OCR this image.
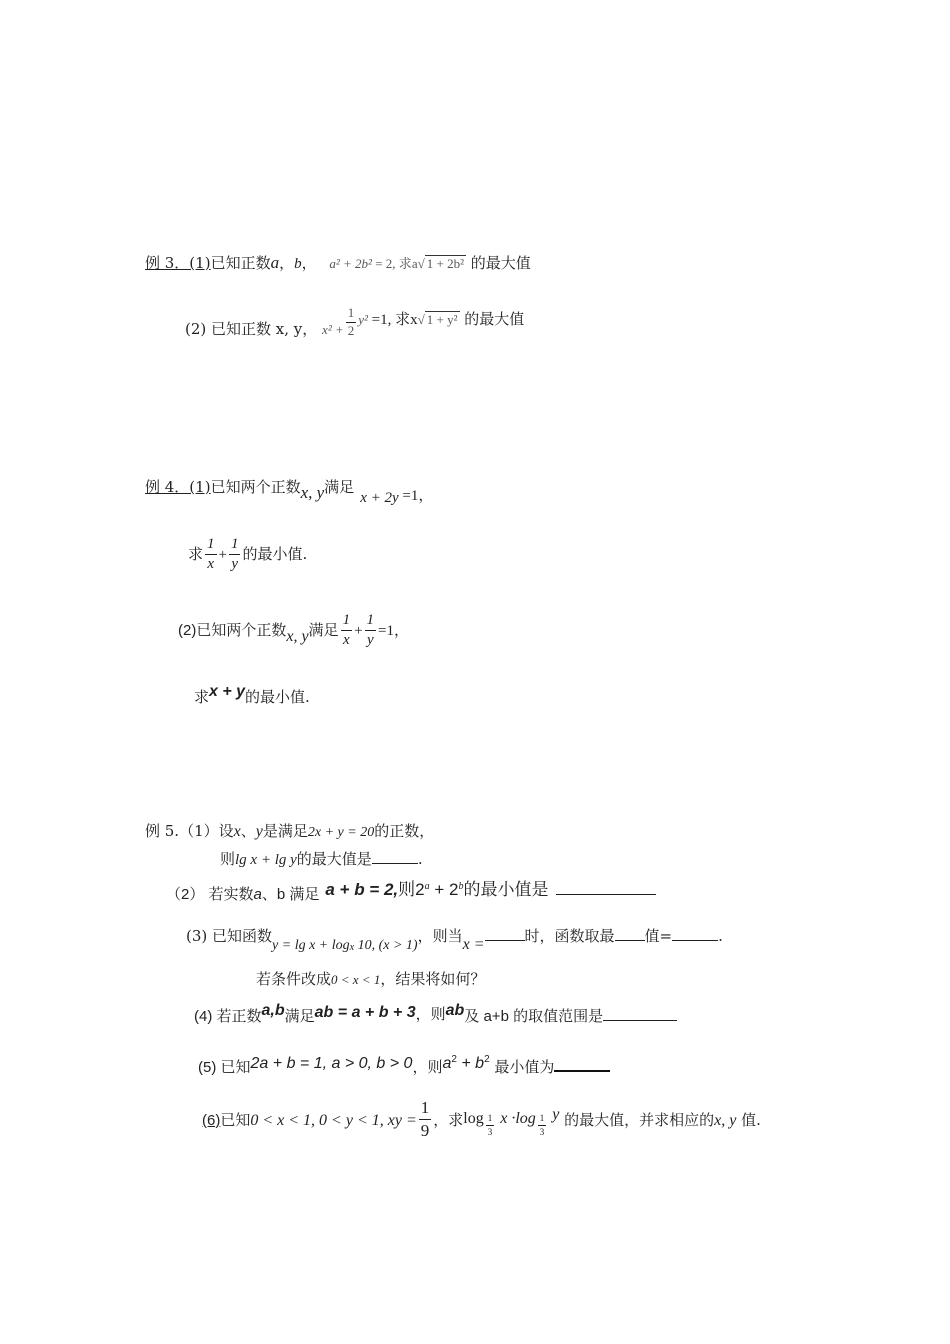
例 3．(1)已知正数a，b， a² + 2b² = 2, 求a√ 1 + 2b² 的最大值
(2) 已知正数 x, y， $x^2 + \frac{1}{2} y^2 =1$, 求x√ 1 + y² 的最大值
例 4．(1)已知两个正数x, y满足x + 2y =1，
求 $\frac{1}{x} + \frac{1}{y}$ 的最小值.
(2)已知两个正数x, y满足 $\frac{1}{x} + \frac{1}{y} =1$，
求x + y的最小值.
例 5.（1）设x、y是满足2x + y = 20的正数，
则lg x + lg y的最大值是	.
（2） 若实数a、b 满足 a + b = 2,则$2^a + 2^b$的最小值是
(3) 已知函数$y = \lg x + \log_x 10$, (x > 1)，则当x =	时，函数取最 值=	.
若条件改成0 < x < 1，结果将如何？
(4) 若正数a,b满足ab = a + b + 3，则ab及 a+b 的取值范围是
(5) 已知2a + b = 1, a > 0, b > 0，则$a^2 + b^2$ 最小值为
(6)已知0 < x < 1, 0 < y < 1, xy = $\frac{1}{9}$ ，求$\log \frac{1}{3}$ $x \cdot\log \frac{1}{3}$ y 的最大值，并求相应的x, y 值.
